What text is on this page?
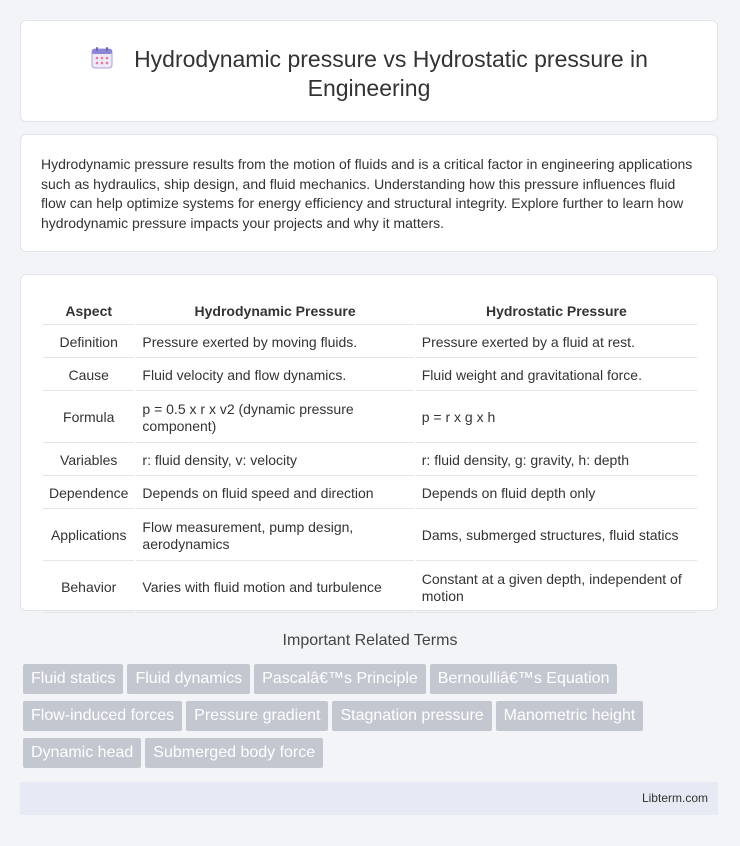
Hydrodynamic pressure vs Hydrostatic pressure in
Engineering

Hydrodynamic pressure results from the motion of fluids and is a critical factor in engineering applications such as hydraulics, ship design, and fluid mechanics. Understanding how this pressure influences fluid flow can help optimize systems for energy efficiency and structural integrity. Explore further to learn how hydrodynamic pressure impacts your projects and why it matters.

Aspect	Hydrodynamic Pressure	Hydrostatic Pressure
Definition	Pressure exerted by moving fluids.	Pressure exerted by a fluid at rest.
Cause	Fluid velocity and flow dynamics.	Fluid weight and gravitational force.
Formula	p = 0.5 x r x v2 (dynamic pressure component)	p = r x g x h
Variables	r: fluid density, v: velocity	r: fluid density, g: gravity, h: depth
Dependence	Depends on fluid speed and direction	Depends on fluid depth only
Applications	Flow measurement, pump design, aerodynamics	Dams, submerged structures, fluid statics
Behavior	Varies with fluid motion and turbulence	Constant at a given depth, independent of motion
Important Related Terms
Fluid statics Fluid dynamics Pascalâ€™s Principle Bernoulliâ€™s Equation
Flow-induced forces Pressure gradient Stagnation pressure Manometric height
Dynamic head Submerged body force
Libterm.com
